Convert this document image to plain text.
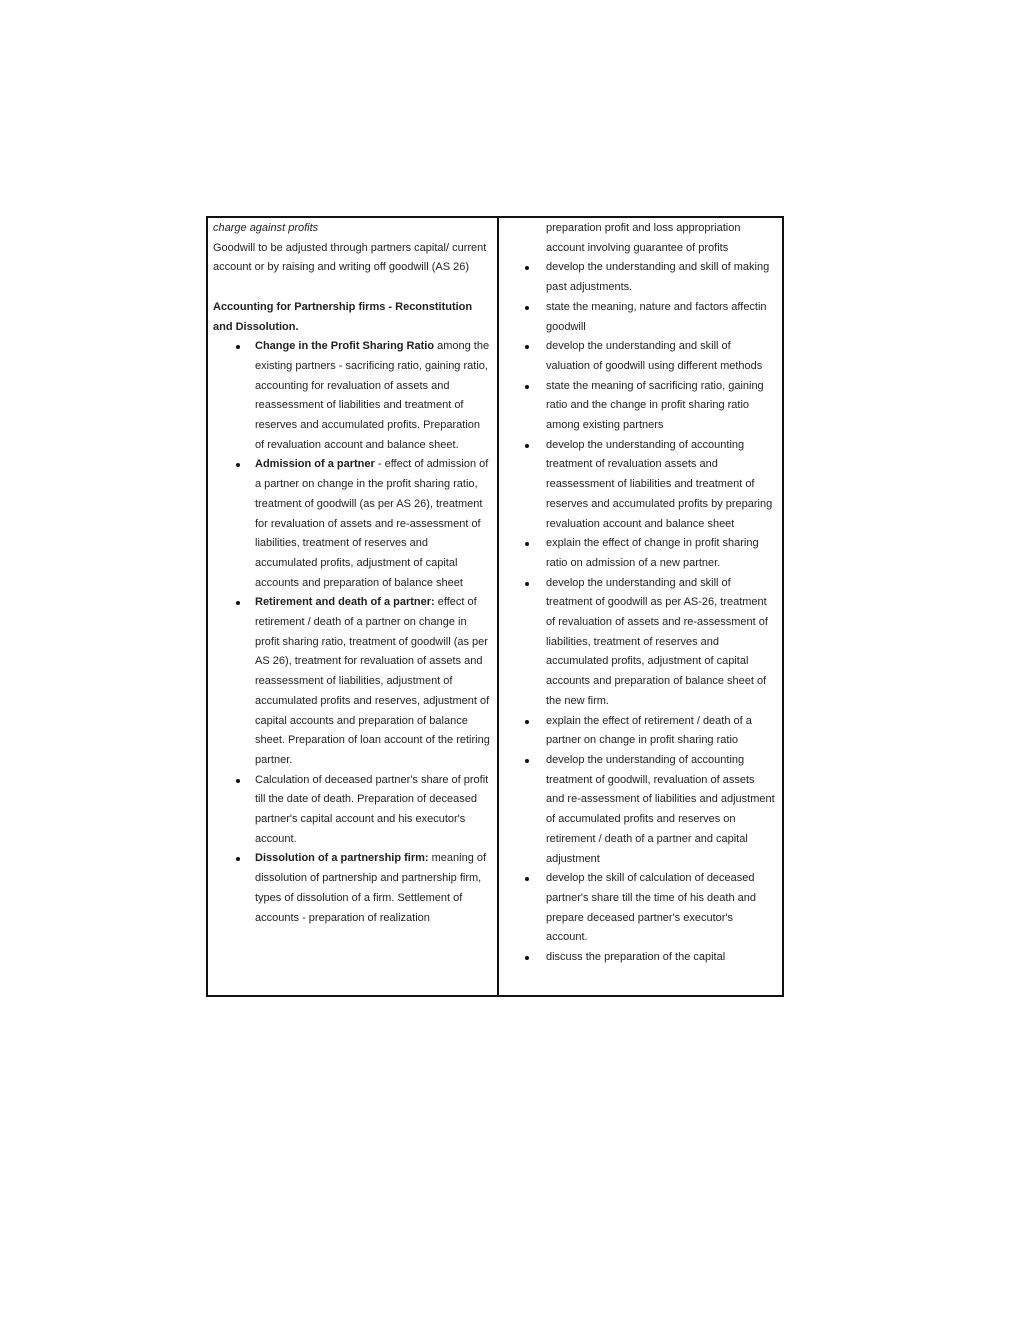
charge against profits

Goodwill to be adjusted through partners capital/ current account or by raising and writing off goodwill (AS 26)

Accounting for Partnership firms - Reconstitution and Dissolution.

Change in the Profit Sharing Ratio among the existing partners - sacrificing ratio, gaining ratio, accounting for revaluation of assets and reassessment of liabilities and treatment of reserves and accumulated profits. Preparation of revaluation account and balance sheet.
Admission of a partner - effect of admission of a partner on change in the profit sharing ratio, treatment of goodwill (as per AS 26), treatment for revaluation of assets and re-assessment of liabilities, treatment of reserves and accumulated profits, adjustment of capital accounts and preparation of balance sheet
Retirement and death of a partner: effect of retirement / death of a partner on change in profit sharing ratio, treatment of goodwill (as per AS 26), treatment for revaluation of assets and reassessment of liabilities, adjustment of accumulated profits and reserves, adjustment of capital accounts and preparation of balance sheet. Preparation of loan account of the retiring partner.
Calculation of deceased partner's share of profit till the date of death. Preparation of deceased partner's capital account and his executor's account.
Dissolution of a partnership firm: meaning of dissolution of partnership and partnership firm, types of dissolution of a firm. Settlement of accounts - preparation of realization

preparation profit and loss appropriation account involving guarantee of profits

develop the understanding and skill of making past adjustments.
state the meaning, nature and factors affectin goodwill
develop the understanding and skill of valuation of goodwill using different methods
state the meaning of sacrificing ratio, gaining ratio and the change in profit sharing ratio among existing partners
develop the understanding of accounting treatment of revaluation assets and reassessment of liabilities and treatment of reserves and accumulated profits by preparing revaluation account and balance sheet
explain the effect of change in profit sharing ratio on admission of a new partner.
develop the understanding and skill of treatment of goodwill as per AS-26, treatment of revaluation of assets and re-assessment of liabilities, treatment of reserves and accumulated profits, adjustment of capital accounts and preparation of balance sheet of the new firm.
explain the effect of retirement / death of a partner on change in profit sharing ratio
develop the understanding of accounting treatment of goodwill, revaluation of assets and re-assessment of liabilities and adjustment of accumulated profits and reserves on retirement / death of a partner and capital adjustment
develop the skill of calculation of deceased partner's share till the time of his death and prepare deceased partner's executor's account.
discuss the preparation of the capital
